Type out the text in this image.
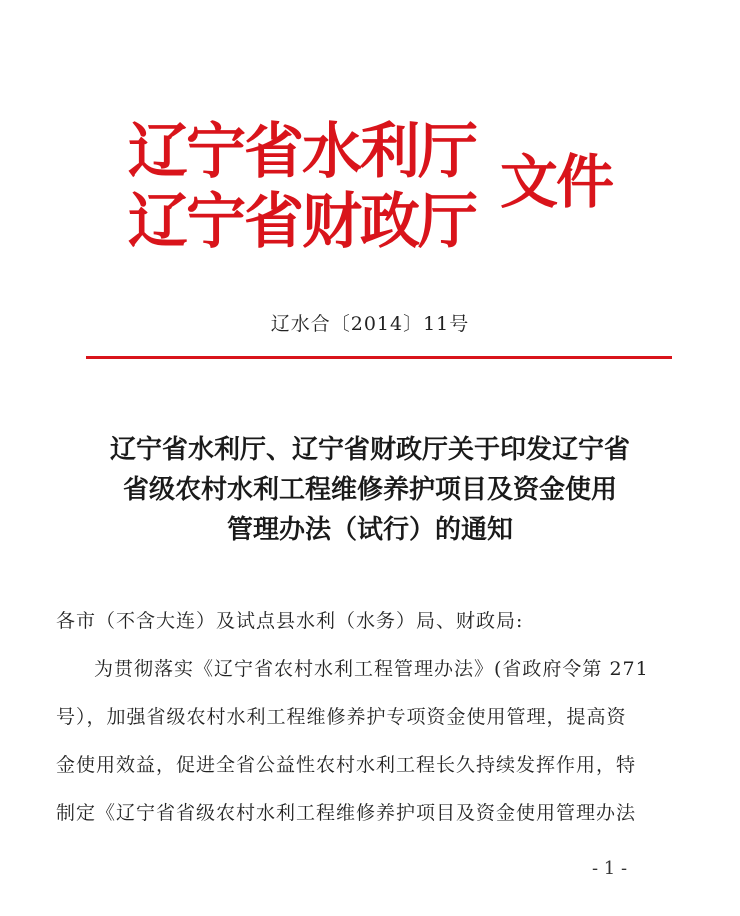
辽宁省水利厅
辽宁省财政厅
文件
辽水合〔2014〕11号
辽宁省水利厅、辽宁省财政厅关于印发辽宁省
省级农村水利工程维修养护项目及资金使用
管理办法（试行）的通知
各市（不含大连）及试点县水利（水务）局、财政局:
为贯彻落实《辽宁省农村水利工程管理办法》(省政府令第 271
号），加强省级农村水利工程维修养护专项资金使用管理，提高资
金使用效益，促进全省公益性农村水利工程长久持续发挥作用，特
制定《辽宁省省级农村水利工程维修养护项目及资金使用管理办法
- 1 -
